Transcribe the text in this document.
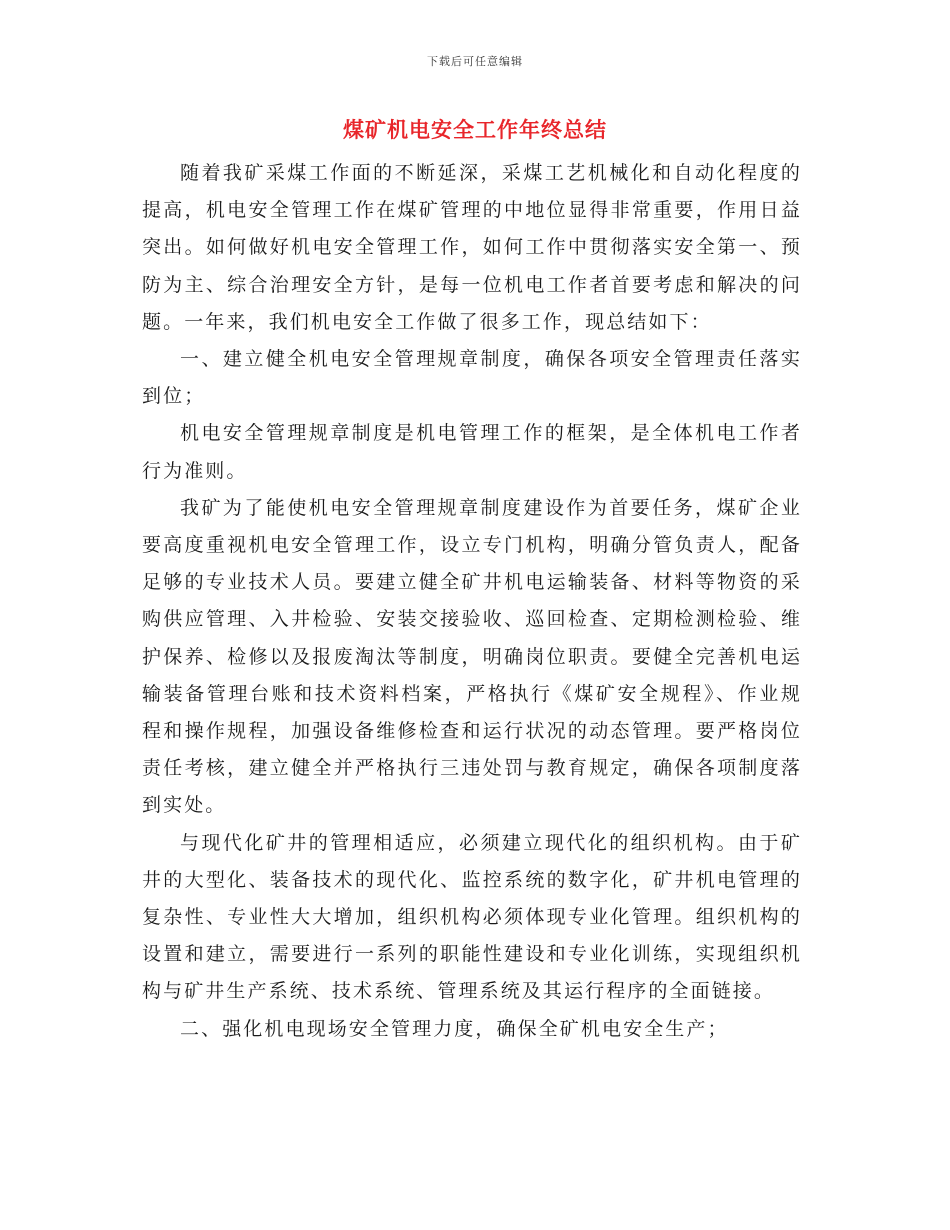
下载后可任意编辑
煤矿机电安全工作年终总结

随着我矿采煤工作面的不断延深，采煤工艺机械化和自动化程度的提高，机电安全管理工作在煤矿管理的中地位显得非常重要，作用日益突出。如何做好机电安全管理工作，如何工作中贯彻落实安全第一、预防为主、综合治理安全方针，是每一位机电工作者首要考虑和解决的问题。一年来，我们机电安全工作做了很多工作，现总结如下：

一、建立健全机电安全管理规章制度，确保各项安全管理责任落实到位；

机电安全管理规章制度是机电管理工作的框架，是全体机电工作者行为准则。

我矿为了能使机电安全管理规章制度建设作为首要任务，煤矿企业要高度重视机电安全管理工作，设立专门机构，明确分管负责人，配备足够的专业技术人员。要建立健全矿井机电运输装备、材料等物资的采购供应管理、入井检验、安装交接验收、巡回检查、定期检测检验、维护保养、检修以及报废淘汰等制度，明确岗位职责。要健全完善机电运输装备管理台账和技术资料档案，严格执行《煤矿安全规程》、作业规程和操作规程，加强设备维修检查和运行状况的动态管理。要严格岗位责任考核，建立健全并严格执行三违处罚与教育规定，确保各项制度落到实处。

与现代化矿井的管理相适应，必须建立现代化的组织机构。由于矿井的大型化、装备技术的现代化、监控系统的数字化，矿井机电管理的复杂性、专业性大大增加，组织机构必须体现专业化管理。组织机构的设置和建立，需要进行一系列的职能性建设和专业化训练，实现组织机构与矿井生产系统、技术系统、管理系统及其运行程序的全面链接。

二、强化机电现场安全管理力度，确保全矿机电安全生产；
